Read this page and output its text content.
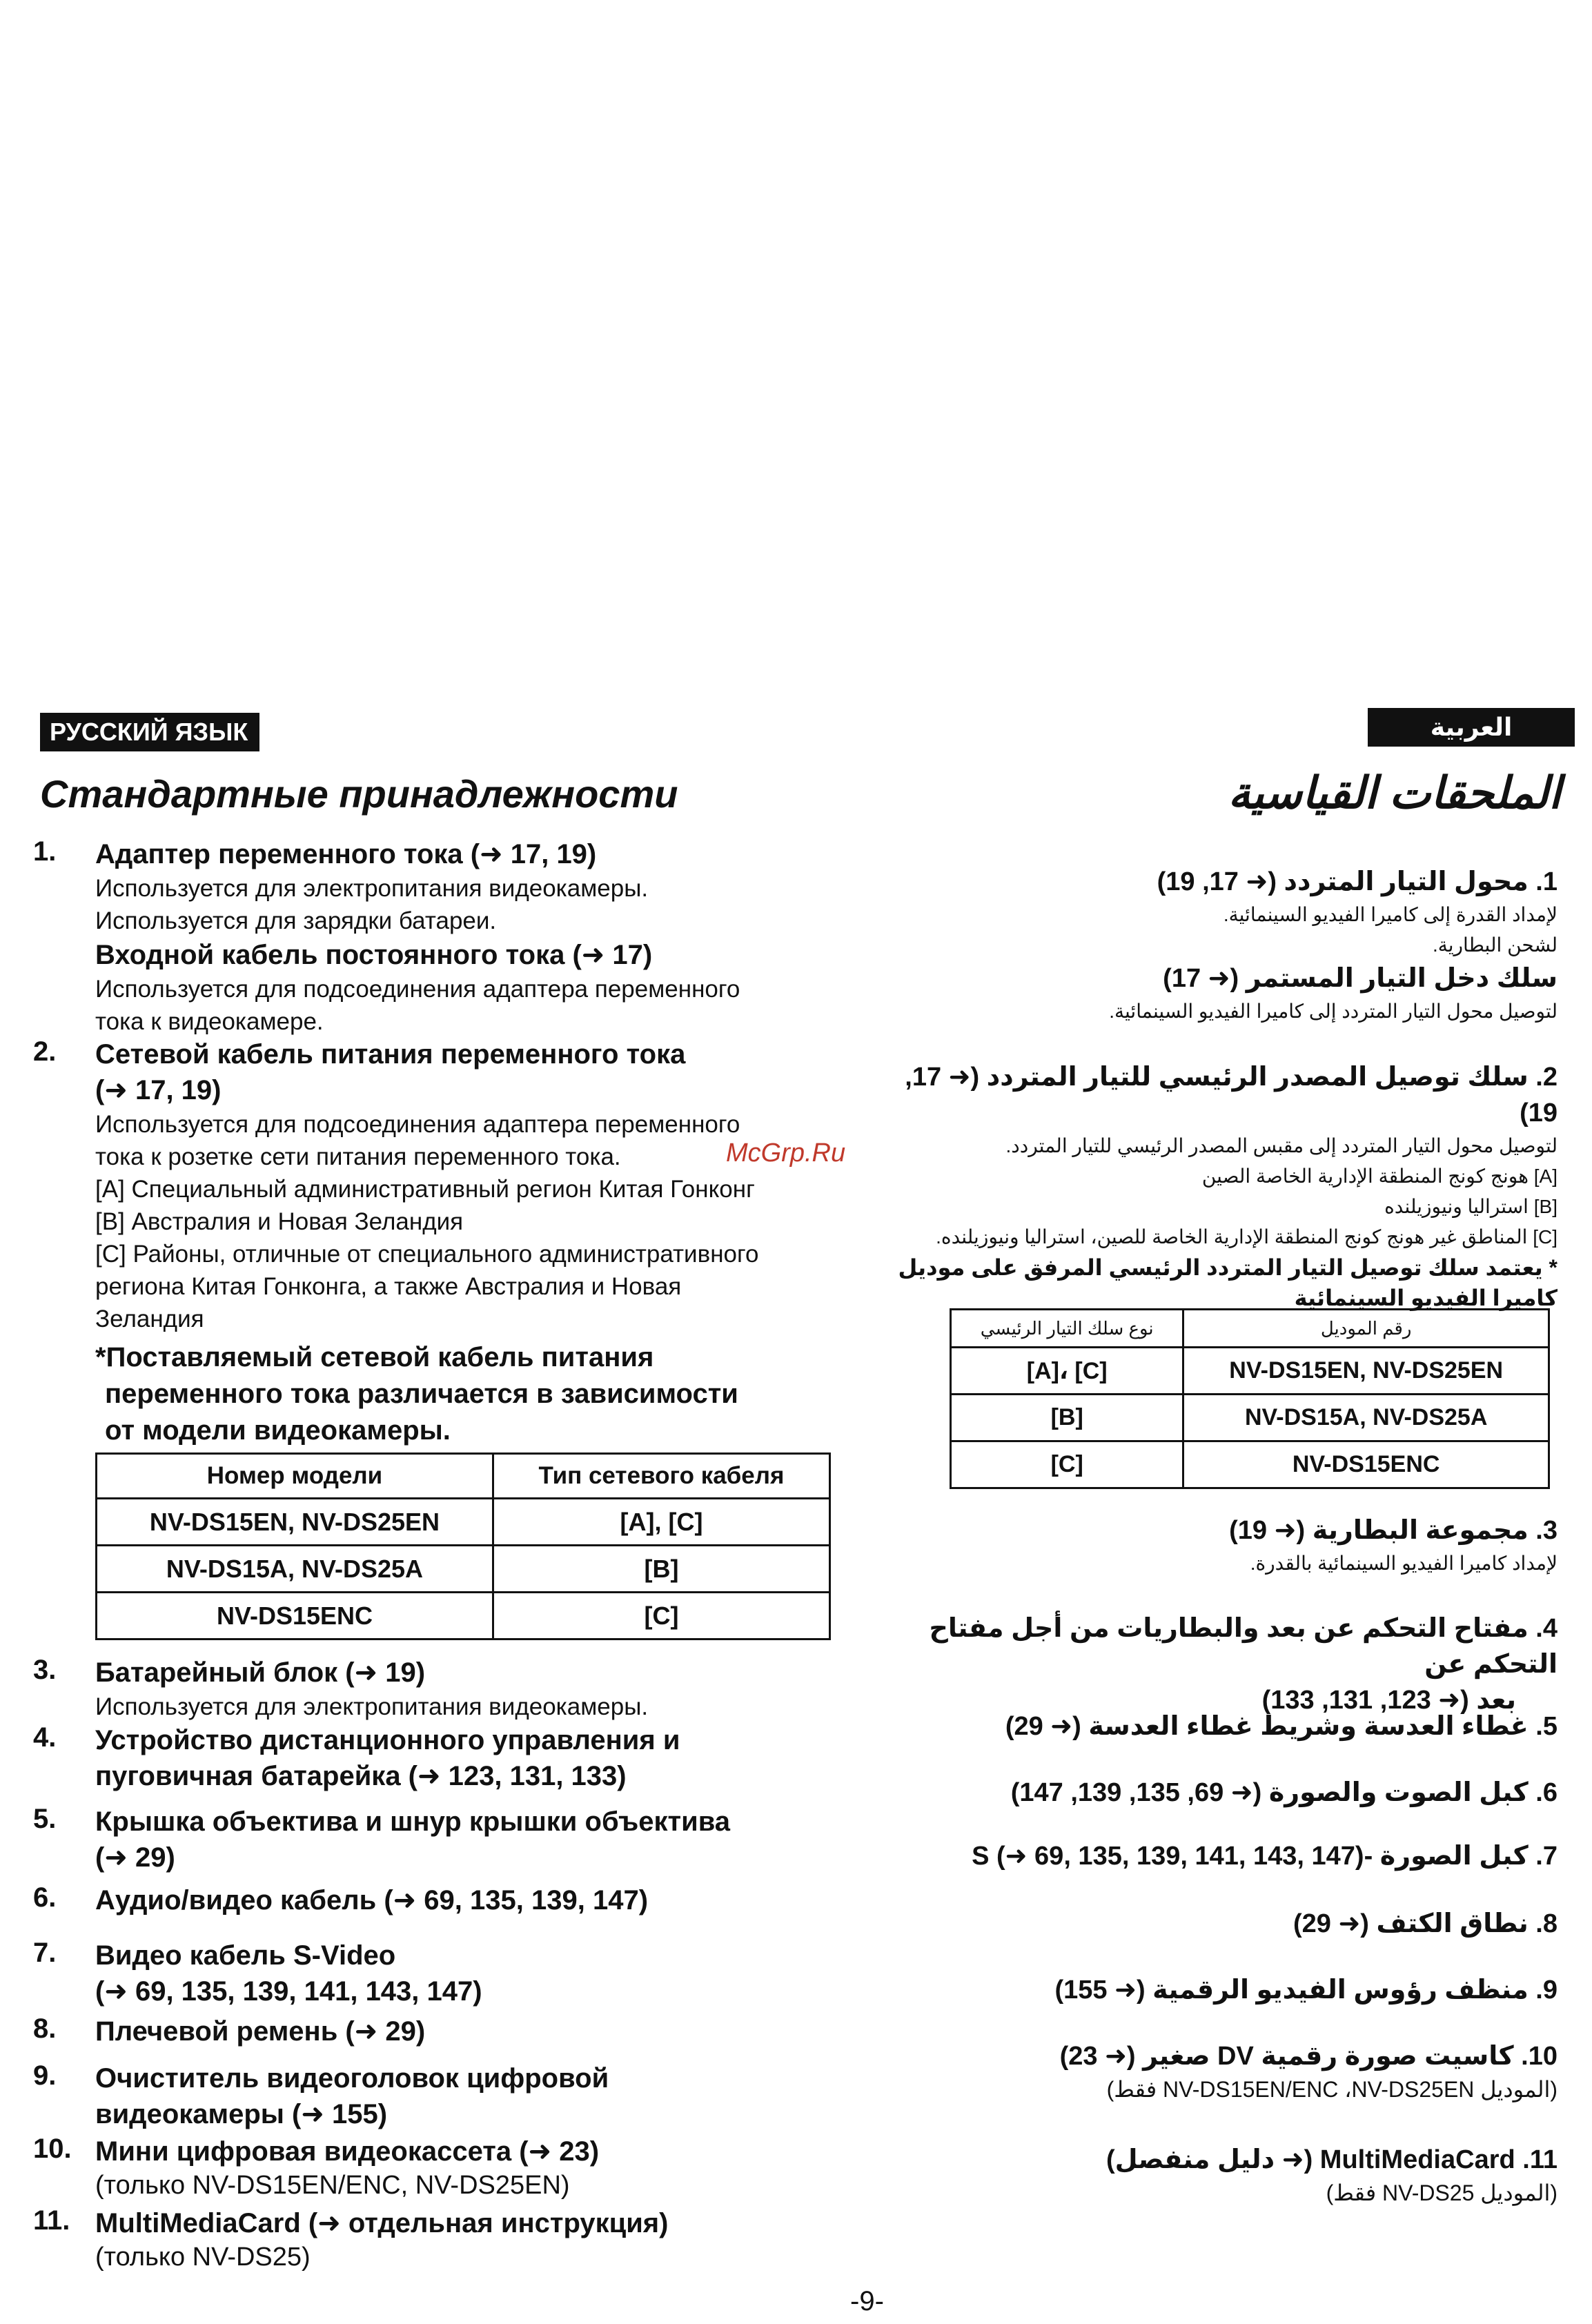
РУССКИЙ ЯЗЫК	العربية
Стандартные принадлежности	الملحقات القياسية
McGrp.Ru
1. Адаптер переменного тока (➜ 17, 19)
Используется для электропитания видеокамеры.
Используется для зарядки батареи.
Входной кабель постоянного тока (➜ 17)
Используется для подсоединения адаптера переменного
тока к видеокамере.
2. Сетевой кабель питания переменного тока
(➜ 17, 19)
Используется для подсоединения адаптера переменного
тока к розетке сети питания переменного тока.
[A] Специальный административный регион Китая Гонконг
[B] Австралия и Новая Зеландия
[C] Районы, отличные от специального административного
региона Китая Гонконга, а также Австралия и Новая
Зеландия
*Поставляемый сетевой кабель питания
переменного тока различается в зависимости
от модели видеокамеры.
Номер модели	Тип сетевого кабеля
NV-DS15EN, NV-DS25EN	[A], [C]
NV-DS15A, NV-DS25A	[B]
NV-DS15ENC	[C]
3. Батарейный блок (➜ 19)
Используется для электропитания видеокамеры.
4. Устройство дистанционного управления и
пуговичная батарейка (➜ 123, 131, 133)
5. Крышка объектива и шнур крышки объектива
(➜ 29)
6. Аудио/видео кабель (➜ 69, 135, 139, 147)
7. Видео кабель S-Video
(➜ 69, 135, 139, 141, 143, 147)
8. Плечевой ремень (➜ 29)
9. Очиститель видеоголовок цифровой
видеокамеры (➜ 155)
10. Мини цифровая видеокассета (➜ 23)
(только NV-DS15EN/ENC, NV-DS25EN)
11. MultiMediaCard (➜ отдельная инструкция)
(только NV-DS25)
1. محول التيار المتردد (➜ 17, 19)
لإمداد القدرة إلى كاميرا الفيديو السينمائية.
لشحن البطارية.
سلك دخل التيار المستمر (➜ 17)
لتوصيل محول التيار المتردد إلى كاميرا الفيديو السينمائية.
2. سلك توصيل المصدر الرئيسي للتيار المتردد (➜ 17, 19)
لتوصيل محول التيار المتردد إلى مقبس المصدر الرئيسي للتيار المتردد.
[A] هونج كونج المنطقة الإدارية الخاصة الصين
[B] استراليا ونيوزيلنده
[C] المناطق غير هونج كونج المنطقة الإدارية الخاصة للصين، استراليا ونيوزيلنده.
* يعتمد سلك توصيل التيار المتردد الرئيسي المرفق على موديل
كاميرا الفيديو السينمائية
رقم الموديل	نوع سلك التيار الرئيسي
NV-DS15EN, NV-DS25EN	[C] ،[A]
NV-DS15A, NV-DS25A	[B]
NV-DS15ENC	[C]
3. مجموعة البطارية (➜ 19)
لإمداد كاميرا الفيديو السينمائية بالقدرة.
4. مفتاح التحكم عن بعد والبطاريات من أجل مفتاح التحكم عن
بعد (➜ 123, 131, 133)
5. غطاء العدسة وشريط غطاء العدسة (➜ 29)
6. كبل الصوت والصورة (➜ 69, 135, 139, 147)
7. كبل الصورة -S (➜ 69, 135, 139, 141, 143, 147)
8. نطاق الكتف (➜ 29)
9. منظف رؤوس الفيديو الرقمية (➜ 155)
10. كاسيت صورة رقمية DV صغير (➜ 23)
(الموديل NV-DS15EN/ENC ،NV-DS25EN فقط)
11. MultiMediaCard (➜ دليل منفصل)
(الموديل NV-DS25 فقط)
-9-
